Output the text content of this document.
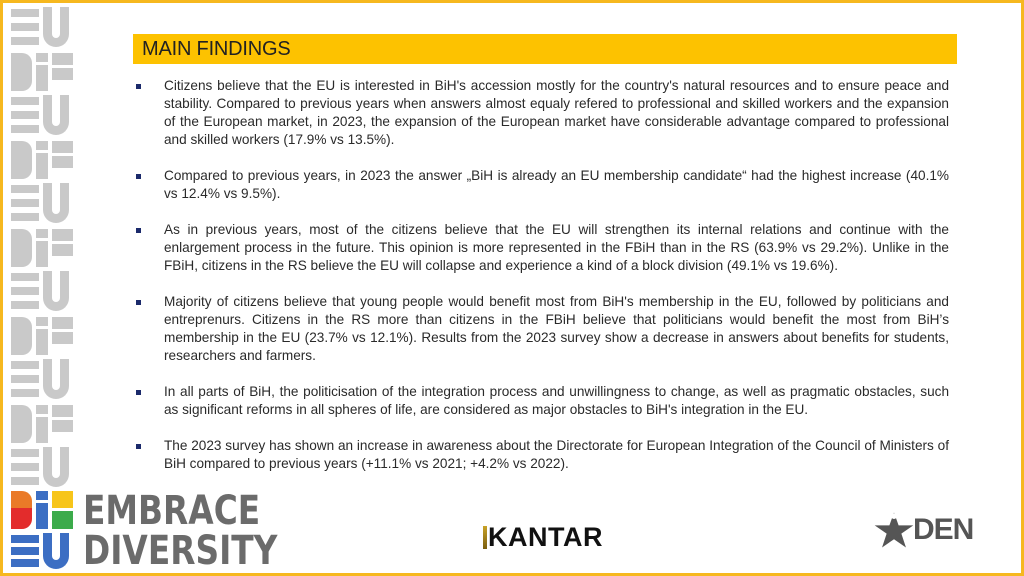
EMBRACE
DIVERSITY
MAIN FINDINGS
Citizens believe that the EU is interested in BiH's accession mostly for the country's natural resources and to ensure peace and stability. Compared to previous years when answers almost equaly refered to professional and skilled workers and the expansion of the European market, in 2023, the expansion of the European market have considerable advantage compared to professional and skilled workers (17.9% vs 13.5%).
Compared to previous years, in 2023 the answer „BiH is already an EU membership candidate“ had the highest increase (40.1% vs 12.4% vs 9.5%).
As in previous years, most of the citizens believe that the EU will strengthen its internal relations and continue with the enlargement process in the future. This opinion is more represented in the FBiH than in the RS (63.9% vs 29.2%). Unlike in the FBiH, citizens in the RS believe the EU will collapse and experience a kind of a block division (49.1% vs 19.6%).
Majority of citizens believe that young people would benefit most from BiH's membership in the EU, followed by politicians and entreprenurs. Citizens in the RS more than citizens in the FBiH believe that politicians would benefit the most from BiH’s membership in the EU (23.7% vs 12.1%). Results from the 2023 survey show a decrease in answers about benefits for students, researchers and farmers.
In all parts of BiH, the politicisation of the integration process and unwillingness to change, as well as pragmatic obstacles, such as significant reforms in all spheres of life, are considered as major obstacles to BiH's integration in the EU.
The 2023 survey has shown an increase in awareness about the Directorate for European Integration of the Council of Ministers of BiH compared to previous years (+11.1% vs 2021; +4.2% vs 2022).
KANTAR	DEN
